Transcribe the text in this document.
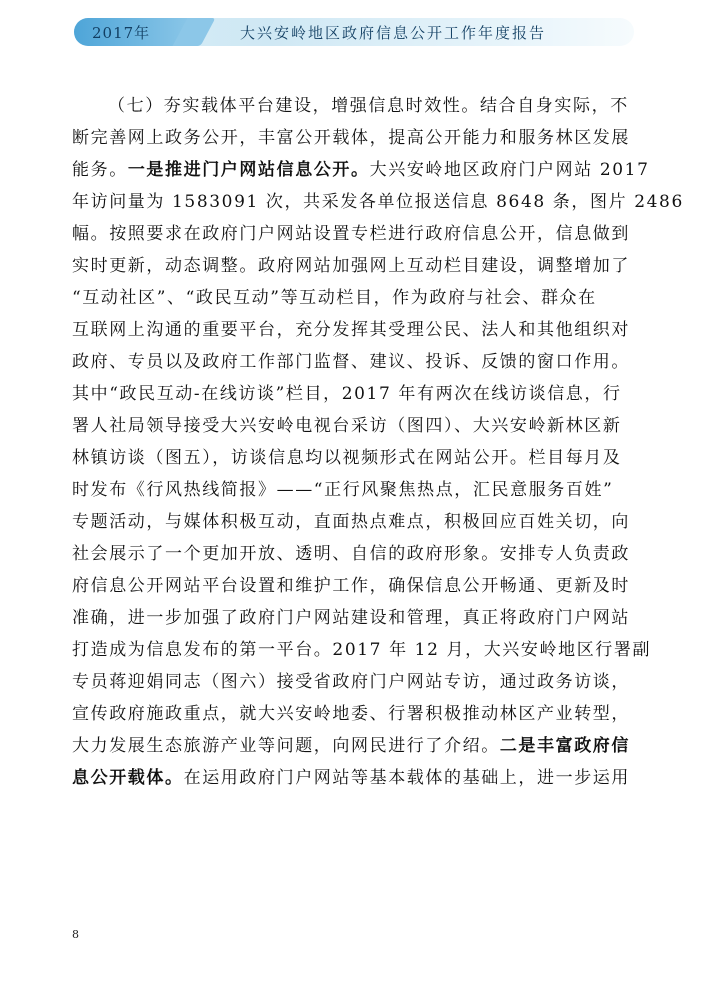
2017年	大兴安岭地区政府信息公开工作年度报告

（七）夯实载体平台建设，增强信息时效性。结合自身实际，不
断完善网上政务公开，丰富公开载体，提高公开能力和服务林区发展
能务。一是推进门户网站信息公开。大兴安岭地区政府门户网站 2017
年访问量为 1583091 次，共采发各单位报送信息 8648 条，图片 2486
幅。按照要求在政府门户网站设置专栏进行政府信息公开，信息做到
实时更新，动态调整。政府网站加强网上互动栏目建设，调整增加了
“互动社区”、“政民互动”等互动栏目，作为政府与社会、群众在
互联网上沟通的重要平台，充分发挥其受理公民、法人和其他组织对
政府、专员以及政府工作部门监督、建议、投诉、反馈的窗口作用。
其中“政民互动-在线访谈”栏目，2017 年有两次在线访谈信息，行
署人社局领导接受大兴安岭电视台采访（图四）、大兴安岭新林区新
林镇访谈（图五），访谈信息均以视频形式在网站公开。栏目每月及
时发布《行风热线简报》——“正行风聚焦热点，汇民意服务百姓”
专题活动，与媒体积极互动，直面热点难点，积极回应百姓关切，向
社会展示了一个更加开放、透明、自信的政府形象。安排专人负责政
府信息公开网站平台设置和维护工作，确保信息公开畅通、更新及时
准确，进一步加强了政府门户网站建设和管理，真正将政府门户网站
打造成为信息发布的第一平台。2017 年 12 月，大兴安岭地区行署副
专员蒋迎娟同志（图六）接受省政府门户网站专访，通过政务访谈，
宣传政府施政重点，就大兴安岭地委、行署积极推动林区产业转型，
大力发展生态旅游产业等问题，向网民进行了介绍。二是丰富政府信
息公开载体。在运用政府门户网站等基本载体的基础上，进一步运用

8
